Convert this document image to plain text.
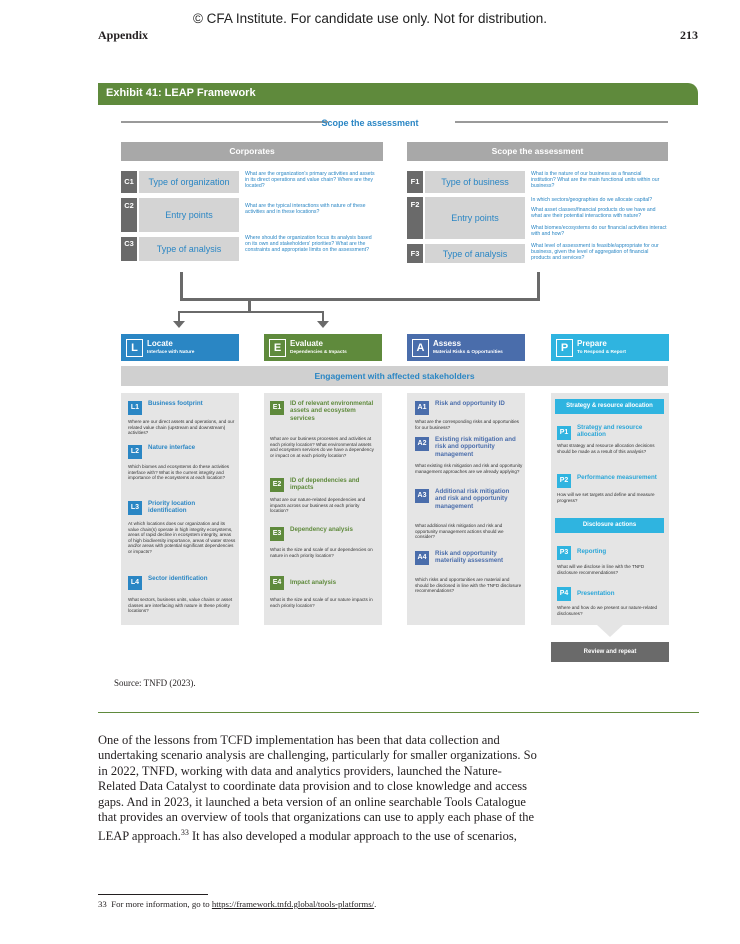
© CFA Institute. For candidate use only. Not for distribution.
Appendix	213
Exhibit 41: LEAP Framework
Scope the assessment
Corporates
C1	Type of organization
What are the organization's primary activities and assets in its direct operations and value chain? Where are they located?
C2
Entry points
What are the typical interactions with nature of these activities and in these locations?
C3
Type of analysis
Where should the organization focus its analysis based on its own and stakeholders' priorities? What are the constraints and appropriate limits on the assessment?
Scope the assessment
F1	Type of business
What is the nature of our business as a financial institution? What are the main functional units within our business?
F2
Entry points
In which sectors/geographies do we allocate capital?
What asset classes/financial products do we have and what are their potential interactions with nature?
What biomes/ecosystems do our financial activities interact with and how?
F3	Type of analysis
What level of assessment is feasible/appropriate for our business, given the level of aggregation of financial products and services?
L	Locate
Interface with Nature	E	Evaluate
Dependencies & Impacts	A	Assess
Material Risks & Opportunities	P	Prepare
To Respond & Report
Engagement with affected stakeholders
L1
Business footprint
Where are our direct assets and operations, and our related value chain (upstream and downstream) activities?
L2
Nature interface
Which biomes and ecosystems do these activities interface with? What is the current integrity and importance of the ecosystems at each location?
L3
Priority location identification
At which locations does our organization and its value chain(s) operate in high integrity ecosystems, areas of rapid decline in ecosystem integrity, areas of high biodiversity importance, areas of water stress and/or areas with potential significant dependencies or impacts?
L4
Sector identification
What sectors, business units, value chains or asset classes are interfacing with nature in these priority locations?
E1
ID of relevant environmental assets and ecosystem services
What are our business processes and activities at each priority location? What environmental assets and ecosystem services do we have a dependency or impact on at each priority location?
E2
ID of dependencies and impacts
What are our nature-related dependencies and impacts across our business at each priority location?
E3
Dependency analysis
What is the size and scale of our dependencies on nature in each priority location?
E4	Impact analysis
What is the size and scale of our nature impacts in each priority location?
A1
Risk and opportunity ID
What are the corresponding risks and opportunities for our business?
A2
Existing risk mitigation and risk and opportunity management
What existing risk mitigation and risk and opportunity management approaches are we already applying?
A3
Additional risk mitigation and risk and opportunity management
What additional risk mitigation and risk and opportunity management actions should we consider?
A4
Risk and opportunity materiality assessment
Which risks and opportunities are material and should be disclosed in line with the TNFD disclosure recommendations?
Strategy & resource allocation
P1
Strategy and resource allocation
What strategy and resource allocation decisions should be made as a result of this analysis?
P2	Performance measurement
How will we set targets and define and measure progress?
Disclosure actions
P3	Reporting
What will we disclose in line with the TNFD disclosure recommendations?
P4	Presentation
Where and how do we present our nature-related disclosures?
Review and repeat
Source: TNFD (2023).
One of the lessons from TCFD implementation has been that data collection and undertaking scenario analysis are challenging, particularly for smaller organizations. So in 2022, TNFD, working with data and analytics providers, launched the Nature-Related Data Catalyst to coordinate data provision and to close knowledge and access gaps. And in 2023, it launched a beta version of an online searchable Tools Catalogue that provides an overview of tools that organizations can use to apply each phase of the LEAP approach.$^{33}$ It has also developed a modular approach to the use of scenarios,
33 For more information, go to https://framework.tnfd.global/tools-platforms/.
